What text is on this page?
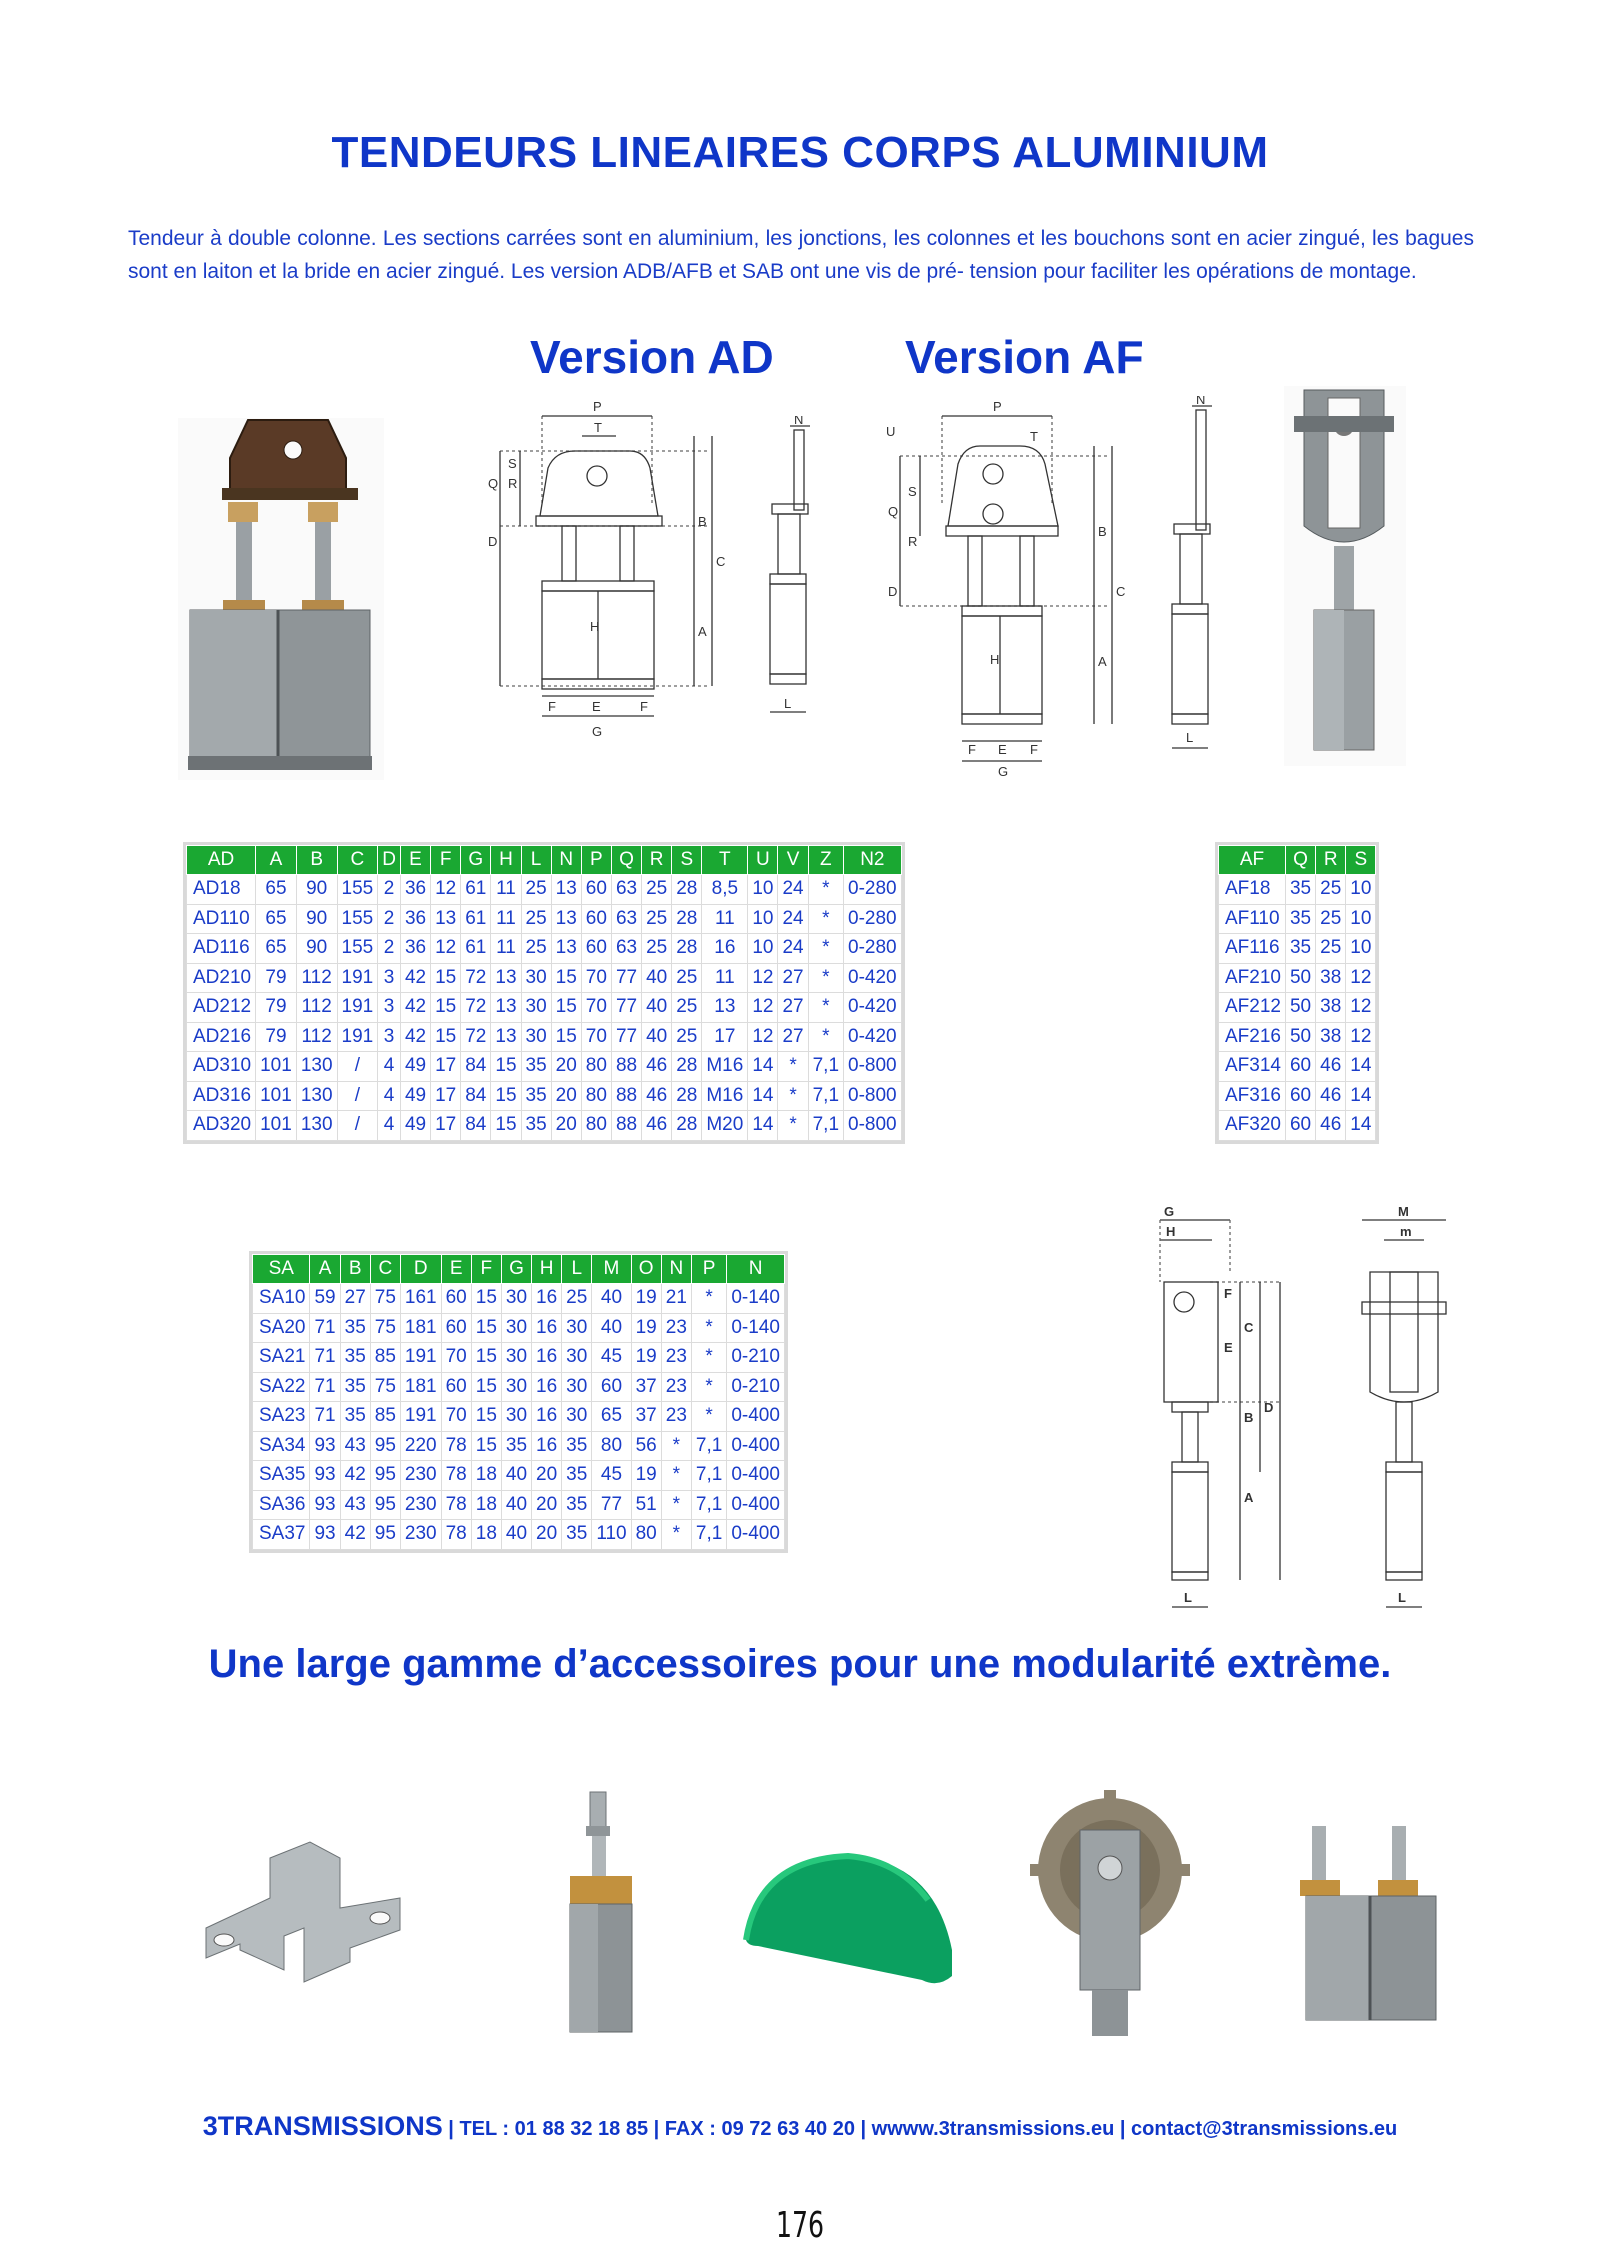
TENDEURS LINEAIRES CORPS ALUMINIUM
Tendeur à double colonne. Les sections carrées sont en aluminium, les jonctions, les colonnes et les bouchons sont en acier zingué, les bagues sont en laiton et la bride en acier zingué. Les version ADB/AFB et SAB ont une vis de pré- tension pour faciliter les opérations de montage.
Version AD	Version AF
P
T
S
R
Q
D
B
C
A
H
F	E	F
G
N
L
P
U	T
S
Q
R
D
B
C
A
H
F E F
G
N
L
AD	A	B	C	D	E	F	G	H	L	N	P	Q	R	S	T	U	V	Z	N2
AD18	65	90	155	2	36	12	61	11	25	13	60	63	25	28	8,5	10	24	*	0-280
AD110	65	90	155	2	36	13	61	11	25	13	60	63	25	28	11	10	24	*	0-280
AD116	65	90	155	2	36	12	61	11	25	13	60	63	25	28	16	10	24	*	0-280
AD210	79	112	191	3	42	15	72	13	30	15	70	77	40	25	11	12	27	*	0-420
AD212	79	112	191	3	42	15	72	13	30	15	70	77	40	25	13	12	27	*	0-420
AD216	79	112	191	3	42	15	72	13	30	15	70	77	40	25	17	12	27	*	0-420
AD310	101	130	/	4	49	17	84	15	35	20	80	88	46	28	M16	14	*	7,1	0-800
AD316	101	130	/	4	49	17	84	15	35	20	80	88	46	28	M16	14	*	7,1	0-800
AD320	101	130	/	4	49	17	84	15	35	20	80	88	46	28	M20	14	*	7,1	0-800
AF	Q	R	S
AF18	35	25	10
AF110	35	25	10
AF116	35	25	10
AF210	50	38	12
AF212	50	38	12
AF216	50	38	12
AF314	60	46	14
AF316	60	46	14
AF320	60	46	14
SA	A	B	C	D	E	F	G	H	L	M	O	N	P	N
SA10	59	27	75	161	60	15	30	16	25	40	19	21	*	0-140
SA20	71	35	75	181	60	15	30	16	30	40	19	23	*	0-140
SA21	71	35	85	191	70	15	30	16	30	45	19	23	*	0-210
SA22	71	35	75	181	60	15	30	16	30	60	37	23	*	0-210
SA23	71	35	85	191	70	15	30	16	30	65	37	23	*	0-400
SA34	93	43	95	220	78	15	35	16	35	80	56	*	7,1	0-400
SA35	93	42	95	230	78	18	40	20	35	45	19	*	7,1	0-400
SA36	93	43	95	230	78	18	40	20	35	77	51	*	7,1	0-400
SA37	93	42	95	230	78	18	40	20	35	110	80	*	7,1	0-400
G
H
F
E
C
B
D
A
L
M
m
L
Une large gamme d’accessoires pour une modularité extrème.
3TRANSMISSIONS | TEL : 01 88 32 18 85 | FAX : 09 72 63 40 20 | wwww.3transmissions.eu | contact@3transmissions.eu
176
